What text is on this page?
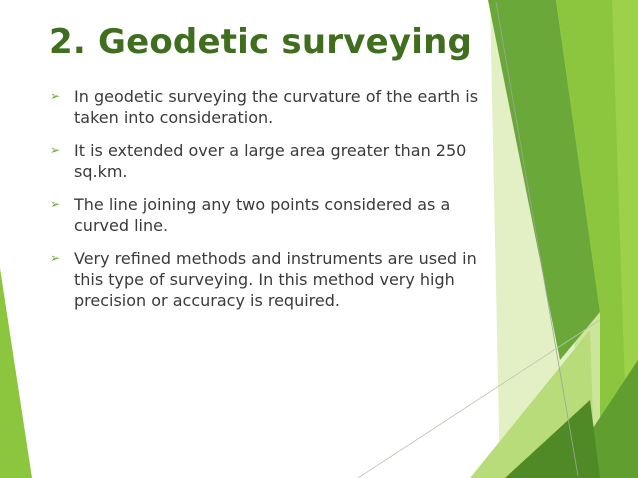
2. Geodetic surveying
➢ In geodetic surveying the curvature of the earth is taken into consideration.
➢ It is extended over a large area greater than 250 sq.km.
➢ The line joining any two points considered as a curved line.
➢ Very refined methods and instruments are used in this type of surveying. In this method very high precision or accuracy is required.
